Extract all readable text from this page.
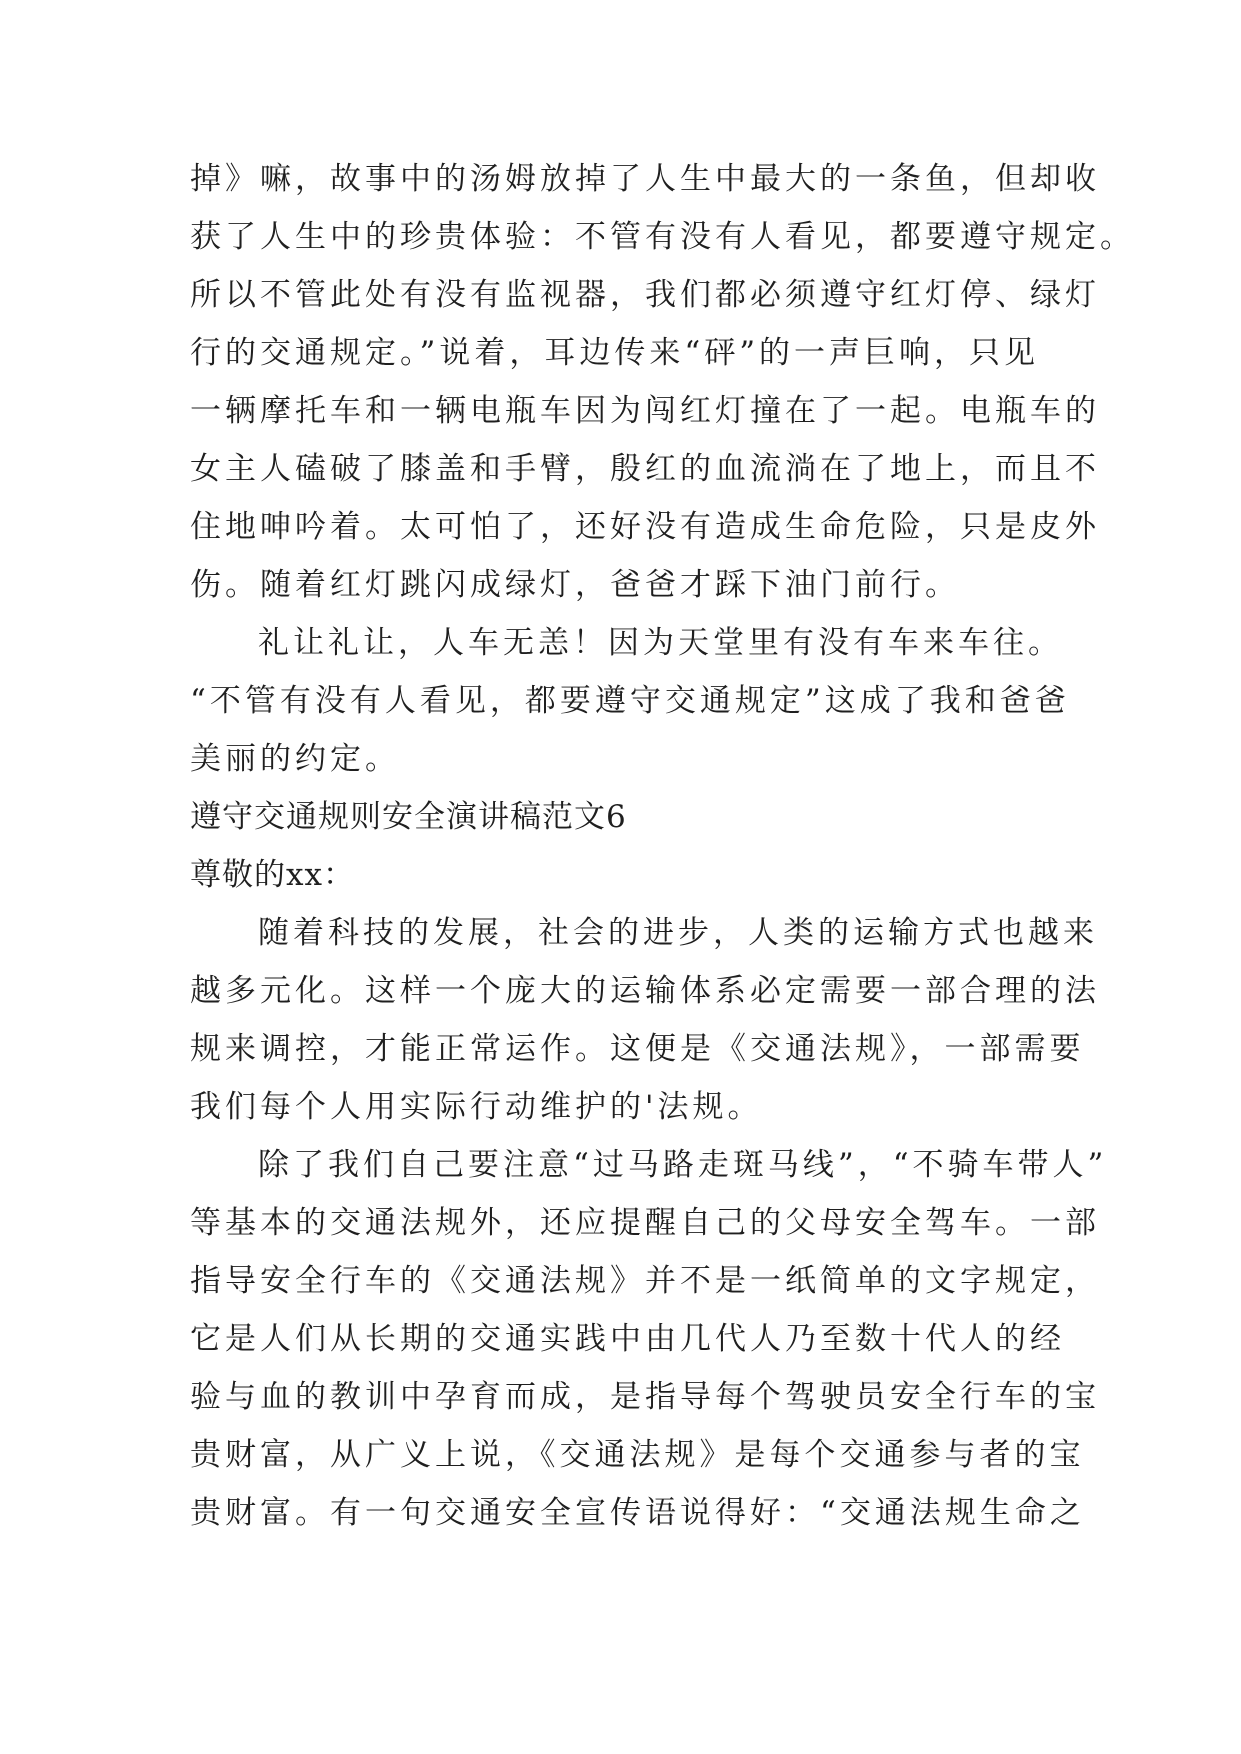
掉》嘛，故事中的汤姆放掉了人生中最大的一条鱼，但却收
获了人生中的珍贵体验：不管有没有人看见，都要遵守规定。
所以不管此处有没有监视器，我们都必须遵守红灯停、绿灯
行的交通规定。”说着，耳边传来“砰”的一声巨响，只见
一辆摩托车和一辆电瓶车因为闯红灯撞在了一起。电瓶车的
女主人磕破了膝盖和手臂，殷红的血流淌在了地上，而且不
住地呻吟着。太可怕了，还好没有造成生命危险，只是皮外
伤。随着红灯跳闪成绿灯，爸爸才踩下油门前行。
礼让礼让，人车无恙！因为天堂里有没有车来车往。
“不管有没有人看见，都要遵守交通规定”这成了我和爸爸
美丽的约定。
遵守交通规则安全演讲稿范文6
尊敬的xx：
随着科技的发展，社会的进步，人类的运输方式也越来
越多元化。这样一个庞大的运输体系必定需要一部合理的法
规来调控，才能正常运作。这便是《交通法规》，一部需要
我们每个人用实际行动维护的'法规。
除了我们自己要注意“过马路走斑马线”，“不骑车带人”
等基本的交通法规外，还应提醒自己的父母安全驾车。一部
指导安全行车的《交通法规》并不是一纸简单的文字规定，
它是人们从长期的交通实践中由几代人乃至数十代人的经
验与血的教训中孕育而成，是指导每个驾驶员安全行车的宝
贵财富，从广义上说，《交通法规》是每个交通参与者的宝
贵财富。有一句交通安全宣传语说得好：“交通法规生命之
